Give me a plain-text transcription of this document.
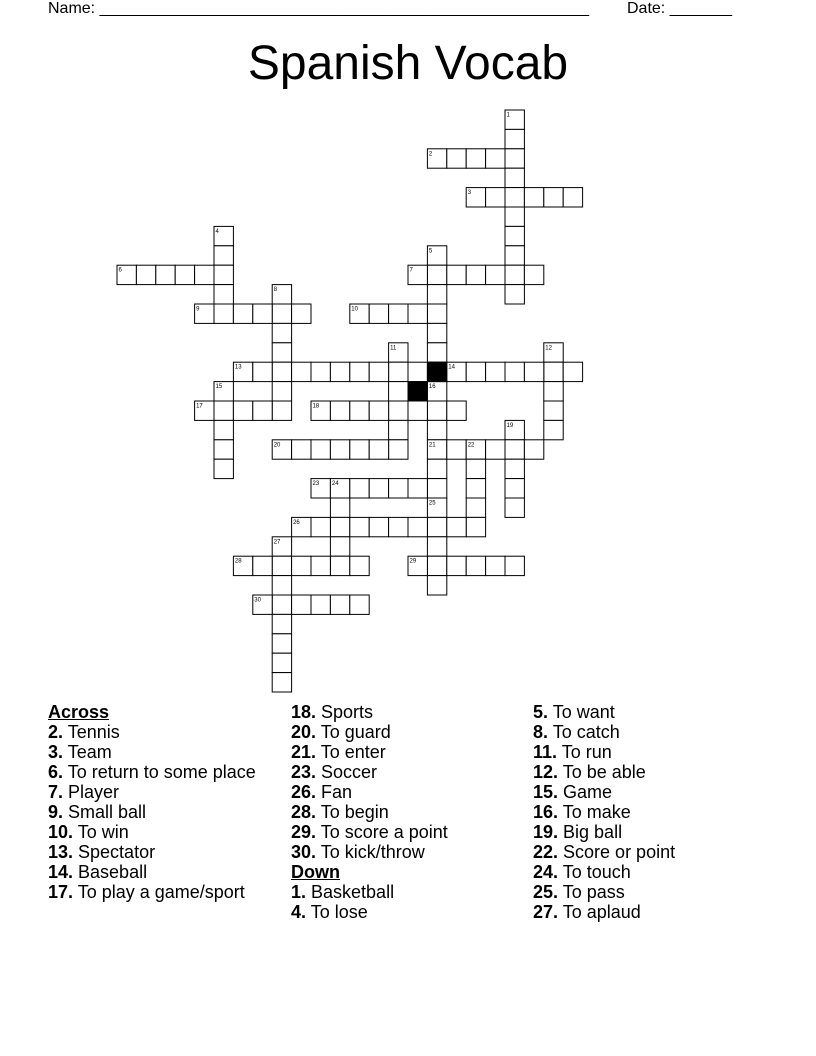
Name: _______________________________________________________ Date: _______
Spanish Vocab
1
2
3
4
5
16
21
25
6	7
8
9	10
11	12
13	14
15
17	18
19
20	22
23 24
26
27
28	29
30
Across
2. Tennis
3. Team
6. To return to some place
7. Player
9. Small ball
10. To win
13. Spectator
14. Baseball
17. To play a game/sport
18. Sports
20. To guard
21. To enter
23. Soccer
26. Fan
28. To begin
29. To score a point
30. To kick/throw
Down
1. Basketball
4. To lose
5. To want
8. To catch
11. To run
12. To be able
15. Game
16. To make
19. Big ball
22. Score or point
24. To touch
25. To pass
27. To aplaud
